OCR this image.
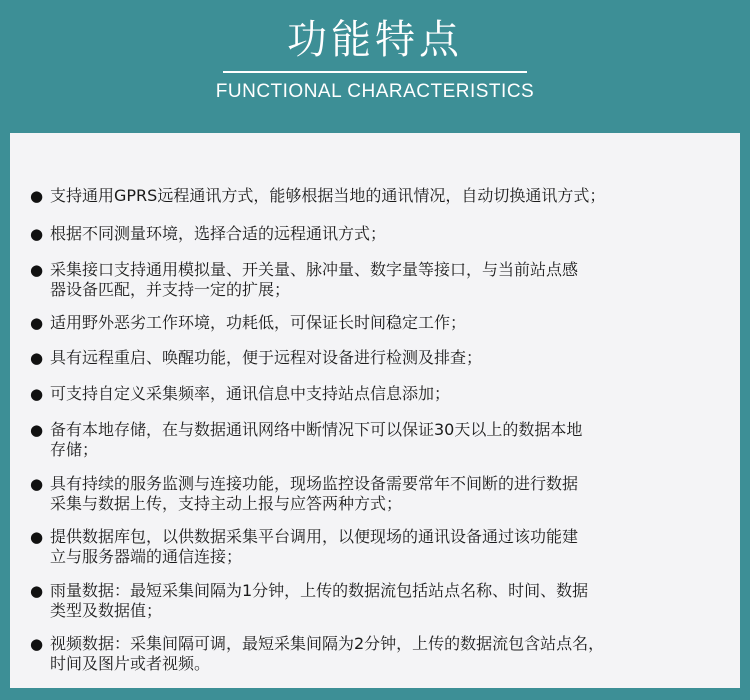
功能特点
FUNCTIONAL CHARACTERISTICS
● 支持通用GPRS远程通讯方式，能够根据当地的通讯情况，自动切换通讯方式；
● 根据不同测量环境，选择合适的远程通讯方式；
● 采集接口支持通用模拟量、开关量、脉冲量、数字量等接口，与当前站点感
器设备匹配，并支持一定的扩展；
● 适用野外恶劣工作环境，功耗低，可保证长时间稳定工作；
● 具有远程重启、唤醒功能，便于远程对设备进行检测及排查；
● 可支持自定义采集频率，通讯信息中支持站点信息添加；
● 备有本地存储，在与数据通讯网络中断情况下可以保证30天以上的数据本地
存储；
● 具有持续的服务监测与连接功能，现场监控设备需要常年不间断的进行数据
采集与数据上传，支持主动上报与应答两种方式；
● 提供数据库包，以供数据采集平台调用，以便现场的通讯设备通过该功能建
立与服务器端的通信连接；
● 雨量数据：最短采集间隔为1分钟，上传的数据流包括站点名称、时间、数据
类型及数据值；
● 视频数据：采集间隔可调，最短采集间隔为2分钟，上传的数据流包含站点名，
时间及图片或者视频。
